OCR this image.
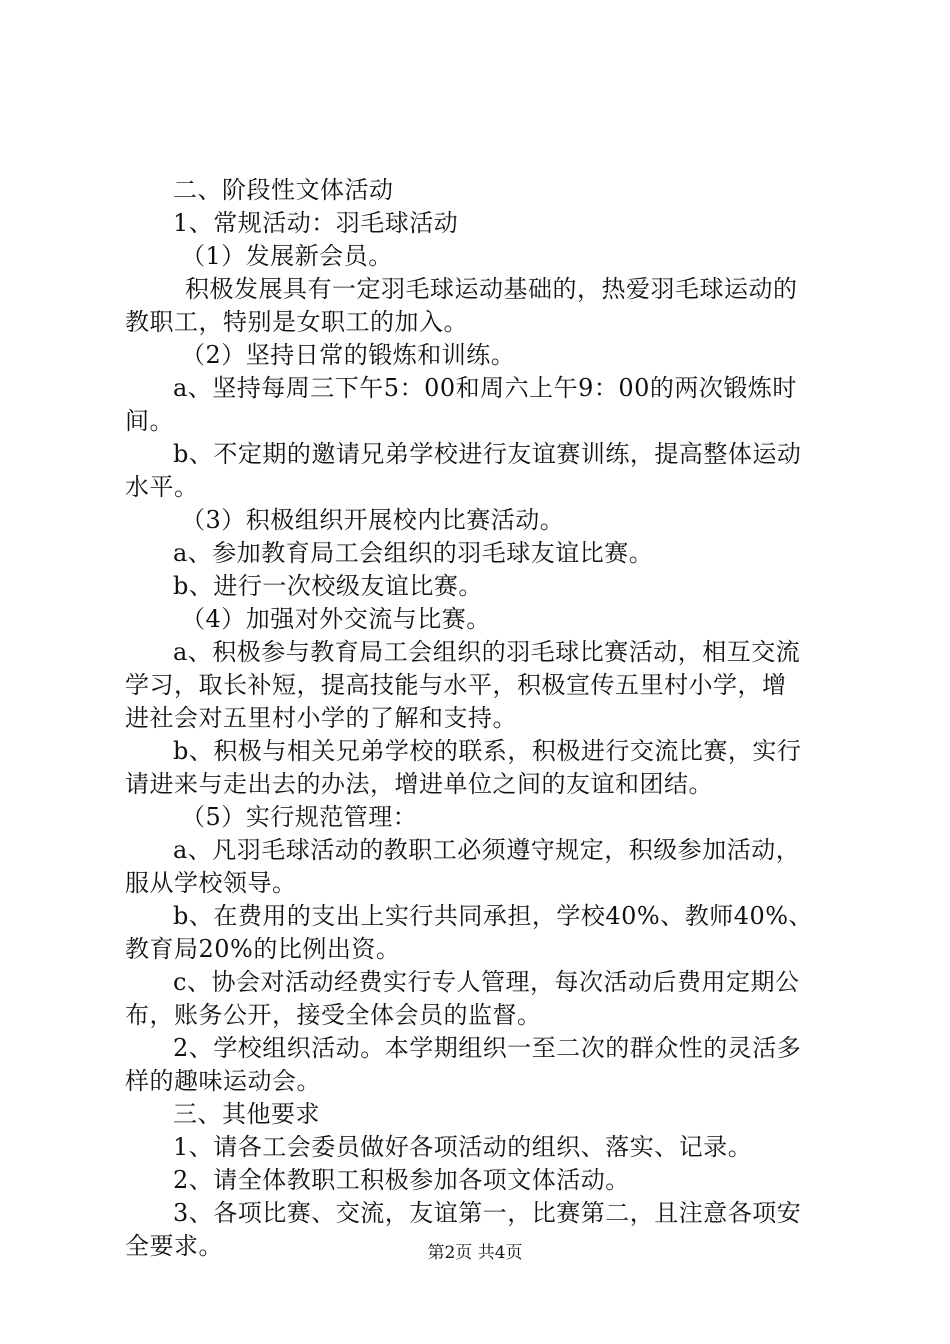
二、阶段性文体活动
1、常规活动：羽毛球活动
（1）发展新会员。
积极发展具有一定羽毛球运动基础的，热爱羽毛球运动的
教职工，特别是女职工的加入。
（2）坚持日常的锻炼和训练。
a、坚持每周三下午5：00和周六上午9：00的两次锻炼时
间。
b、不定期的邀请兄弟学校进行友谊赛训练，提高整体运动
水平。
（3）积极组织开展校内比赛活动。
a、参加教育局工会组织的羽毛球友谊比赛。
b、进行一次校级友谊比赛。
（4）加强对外交流与比赛。
a、积极参与教育局工会组织的羽毛球比赛活动，相互交流
学习，取长补短，提高技能与水平，积极宣传五里村小学，增
进社会对五里村小学的了解和支持。
b、积极与相关兄弟学校的联系，积极进行交流比赛，实行
请进来与走出去的办法，增进单位之间的友谊和团结。
（5）实行规范管理：
a、凡羽毛球活动的教职工必须遵守规定，积级参加活动，
服从学校领导。
b、在费用的支出上实行共同承担，学校40%、教师40%、
教育局20%的比例出资。
c、协会对活动经费实行专人管理，每次活动后费用定期公
布，账务公开，接受全体会员的监督。
2、学校组织活动。本学期组织一至二次的群众性的灵活多
样的趣味运动会。
三、其他要求
1、请各工会委员做好各项活动的组织、落实、记录。
2、请全体教职工积极参加各项文体活动。
3、各项比赛、交流，友谊第一，比赛第二，且注意各项安
全要求。	第2页 共4页
